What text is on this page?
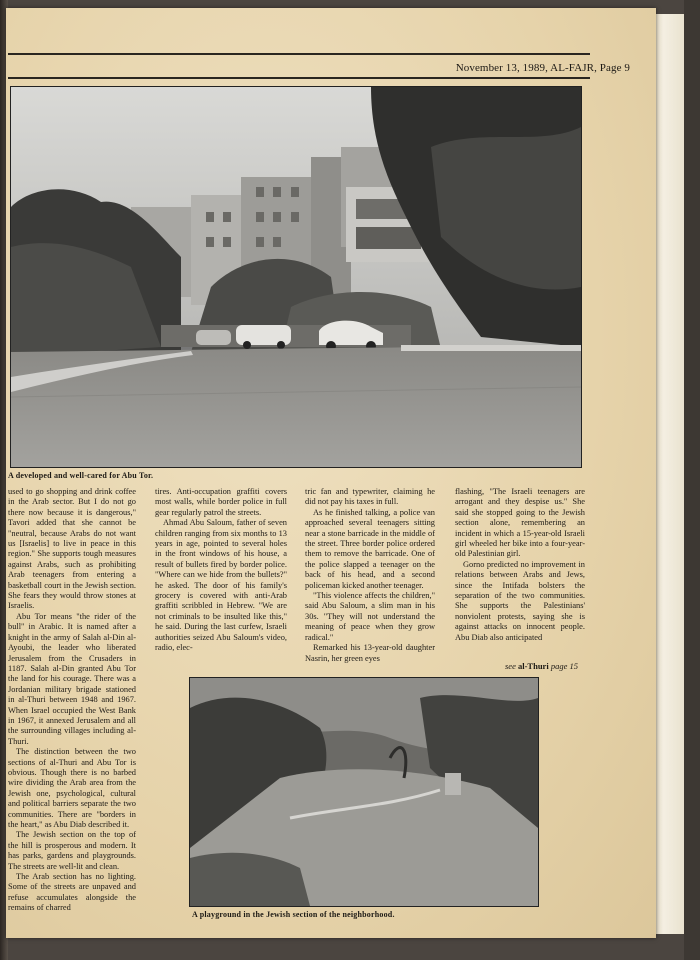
November 13, 1989, AL-FAJR, Page 9
A developed and well-cared for Abu Tor.

used to go shopping and drink coffee in the Arab sector. But I do not go there now because it is dangerous," Tavori added that she cannot be "neutral, because Arabs do not want us [Israelis] to live in peace in this region." She supports tough measures against Arabs, such as prohibiting Arab teenagers from entering a basketball court in the Jewish section. She fears they would throw stones at Israelis.

Abu Tor means "the rider of the bull" in Arabic. It is named after a knight in the army of Salah al-Din al-Ayoubi, the leader who liberated Jerusalem from the Crusaders in 1187. Salah al-Din granted Abu Tor the land for his courage. There was a Jordanian military brigade stationed in al-Thuri between 1948 and 1967. When Israel occupied the West Bank in 1967, it annexed Jerusalem and all the surrounding villages including al-Thuri.

The distinction between the two sections of al-Thuri and Abu Tor is obvious. Though there is no barbed wire dividing the Arab area from the Jewish one, psychological, cultural and political barriers separate the two communities. There are "borders in the heart," as Abu Diab described it.

The Jewish section on the top of the hill is prosperous and modern. It has parks, gardens and playgrounds. The streets are well-lit and clean.

The Arab section has no lighting. Some of the streets are unpaved and refuse accumulates alongside the remains of charred

tires. Anti-occupation graffiti covers most walls, while border police in full gear regularly patrol the streets.

Ahmad Abu Saloum, father of seven children ranging from six months to 13 years in age, pointed to several holes in the front windows of his house, a result of bullets fired by border police. "Where can we hide from the bullets?" he asked. The door of his family's grocery is covered with anti-Arab graffiti scribbled in Hebrew. "We are not criminals to be insulted like this," he said. During the last curfew, Israeli authorities seized Abu Saloum's video, radio, elec-

tric fan and typewriter, claiming he did not pay his taxes in full.

As he finished talking, a police van approached several teenagers sitting near a stone barricade in the middle of the street. Three border police ordered them to remove the barricade. One of the police slapped a teenager on the back of his head, and a second policeman kicked another teenager.

"This violence affects the children," said Abu Saloum, a slim man in his 30s. "They will not understand the meaning of peace when they grow radical."

Remarked his 13-year-old daughter Nasrin, her green eyes

flashing, "The Israeli teenagers are arrogant and they despise us." She said she stopped going to the Jewish section alone, remembering an incident in which a 15-year-old Israeli girl wheeled her bike into a four-year-old Palestinian girl.

Gorno predicted no improvement in relations between Arabs and Jews, since the Intifada bolsters the separation of the two communities. She supports the Palestinians' nonviolent protests, saying she is against attacks on innocent people. Abu Diab also anticipated

see al-Thuri page 15
A playground in the Jewish section of the neighborhood.
